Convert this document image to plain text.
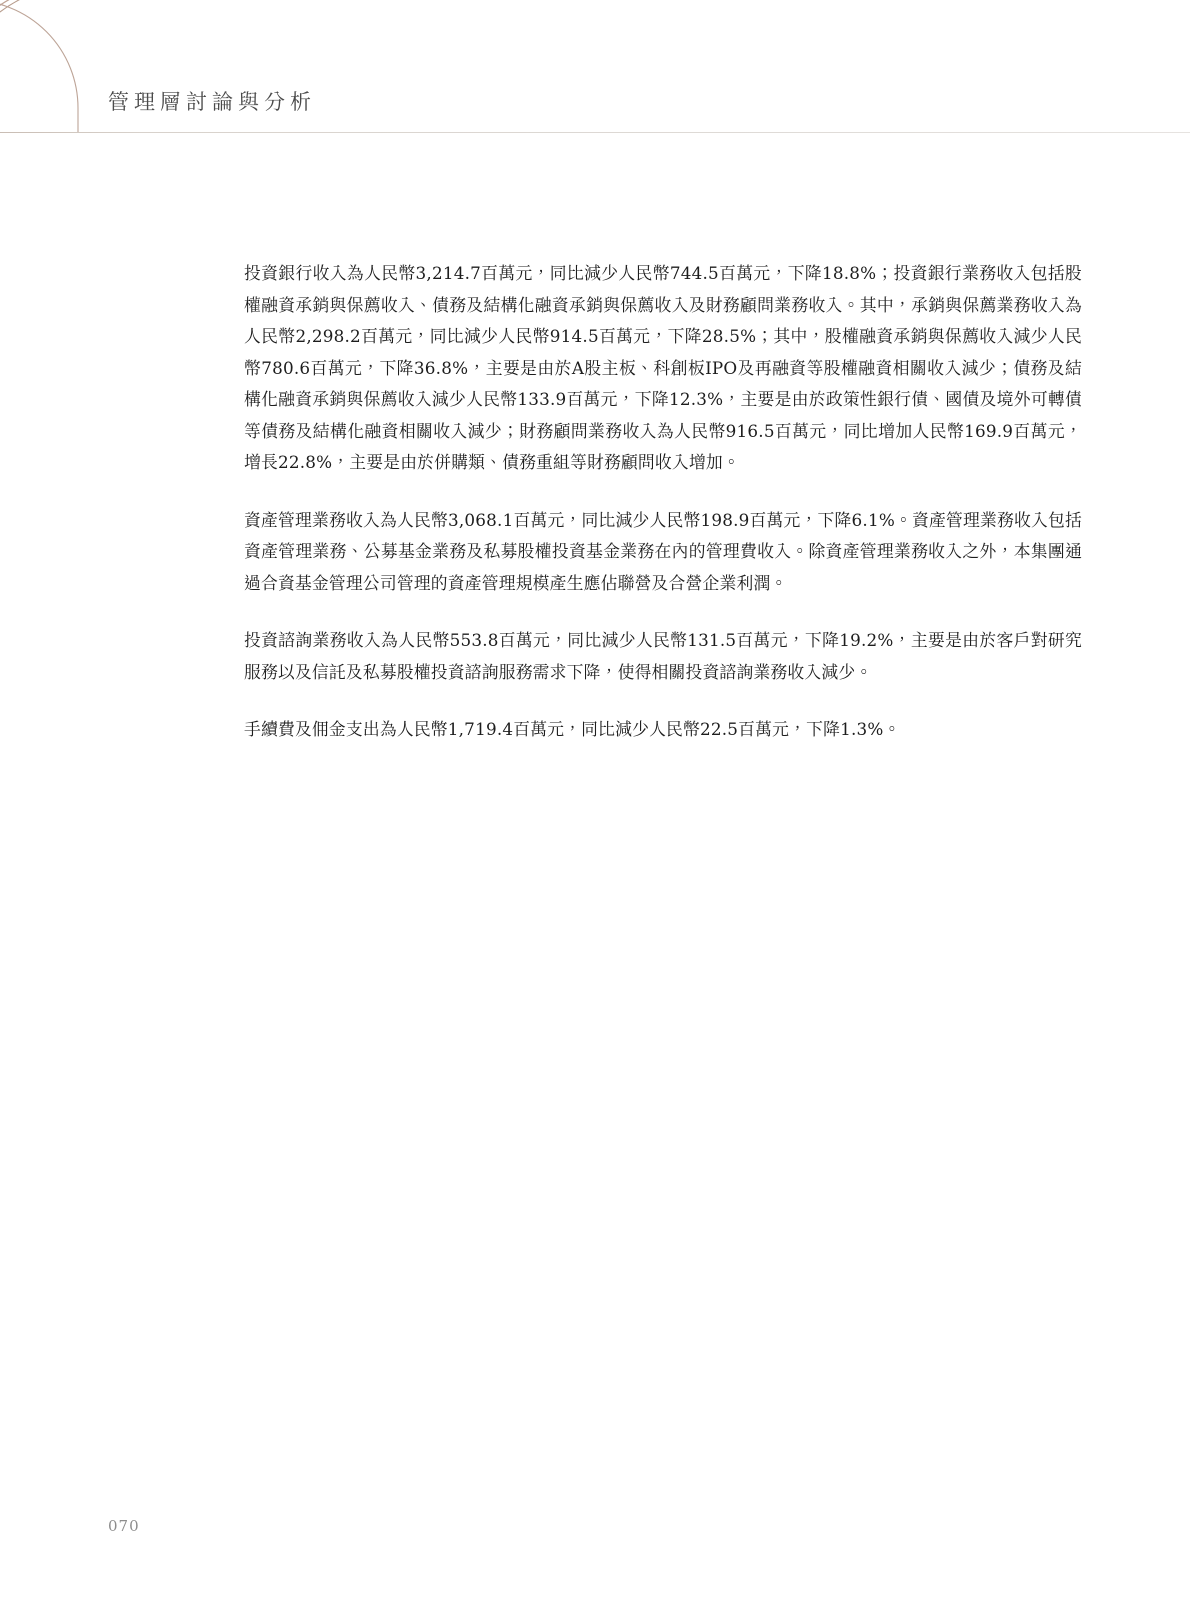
管理層討論與分析

投資銀行收入為人民幣3,214.7百萬元，同比減少人民幣744.5百萬元，下降18.8%；投資銀行業務收入包括股權融資承銷與保薦收入、債務及結構化融資承銷與保薦收入及財務顧問業務收入。其中，承銷與保薦業務收入為人民幣2,298.2百萬元，同比減少人民幣914.5百萬元，下降28.5%；其中，股權融資承銷與保薦收入減少人民幣780.6百萬元，下降36.8%，主要是由於A股主板、科創板IPO及再融資等股權融資相關收入減少；債務及結構化融資承銷與保薦收入減少人民幣133.9百萬元，下降12.3%，主要是由於政策性銀行債、國債及境外可轉債等債務及結構化融資相關收入減少；財務顧問業務收入為人民幣916.5百萬元，同比增加人民幣169.9百萬元，增長22.8%，主要是由於併購類、債務重組等財務顧問收入增加。

資產管理業務收入為人民幣3,068.1百萬元，同比減少人民幣198.9百萬元，下降6.1%。資產管理業務收入包括資產管理業務、公募基金業務及私募股權投資基金業務在內的管理費收入。除資產管理業務收入之外，本集團通過合資基金管理公司管理的資產管理規模產生應佔聯營及合營企業利潤。

投資諮詢業務收入為人民幣553.8百萬元，同比減少人民幣131.5百萬元，下降19.2%，主要是由於客戶對研究服務以及信託及私募股權投資諮詢服務需求下降，使得相關投資諮詢業務收入減少。

手續費及佣金支出為人民幣1,719.4百萬元，同比減少人民幣22.5百萬元，下降1.3%。

070
